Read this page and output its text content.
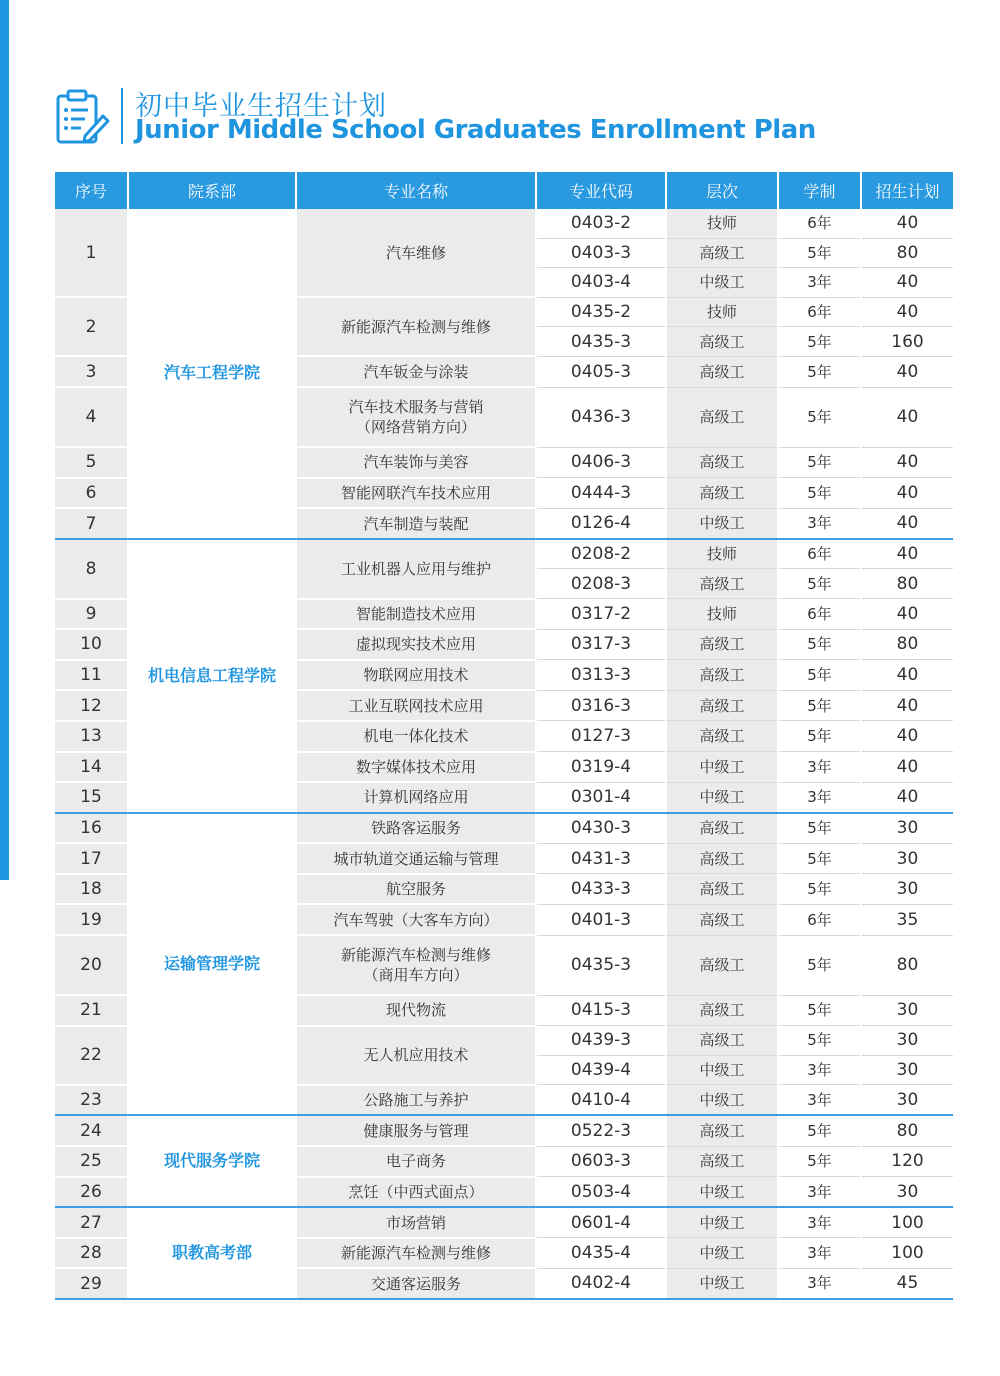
初中毕业生招生计划
Junior Middle School Graduates Enrollment Plan
序号	院系部	专业名称	专业代码	层次	学制	招生计划
1	汽车工程学院	汽车维修	0403-2	技师	6年	40
			0403-3	高级工	5年	80
			0403-4	中级工	3年	40
2		新能源汽车检测与维修	0435-2	技师	6年	40
			0435-3	高级工	5年	160
3		汽车钣金与涂装	0405-3	高级工	5年	40
4		汽车技术服务与营销
（网络营销方向）	0436-3	高级工	5年	40
5		汽车装饰与美容	0406-3	高级工	5年	40
6		智能网联汽车技术应用	0444-3	高级工	5年	40
7		汽车制造与装配	0126-4	中级工	3年	40
8	机电信息工程学院	工业机器人应用与维护	0208-2	技师	6年	40
			0208-3	高级工	5年	80
9		智能制造技术应用	0317-2	技师	6年	40
10		虚拟现实技术应用	0317-3	高级工	5年	80
11		物联网应用技术	0313-3	高级工	5年	40
12		工业互联网技术应用	0316-3	高级工	5年	40
13		机电一体化技术	0127-3	高级工	5年	40
14		数字媒体技术应用	0319-4	中级工	3年	40
15		计算机网络应用	0301-4	中级工	3年	40
16	运输管理学院	铁路客运服务	0430-3	高级工	5年	30
17		城市轨道交通运输与管理	0431-3	高级工	5年	30
18		航空服务	0433-3	高级工	5年	30
19		汽车驾驶（大客车方向）	0401-3	高级工	6年	35
20		新能源汽车检测与维修
（商用车方向）	0435-3	高级工	5年	80
21		现代物流	0415-3	高级工	5年	30
22		无人机应用技术	0439-3	高级工	5年	30
			0439-4	中级工	3年	30
23		公路施工与养护	0410-4	中级工	3年	30
24	现代服务学院	健康服务与管理	0522-3	高级工	5年	80
25		电子商务	0603-3	高级工	5年	120
26		烹饪（中西式面点）	0503-4	中级工	3年	30
27	职教高考部	市场营销	0601-4	中级工	3年	100
28		新能源汽车检测与维修	0435-4	中级工	3年	100
29		交通客运服务	0402-4	中级工	3年	45
